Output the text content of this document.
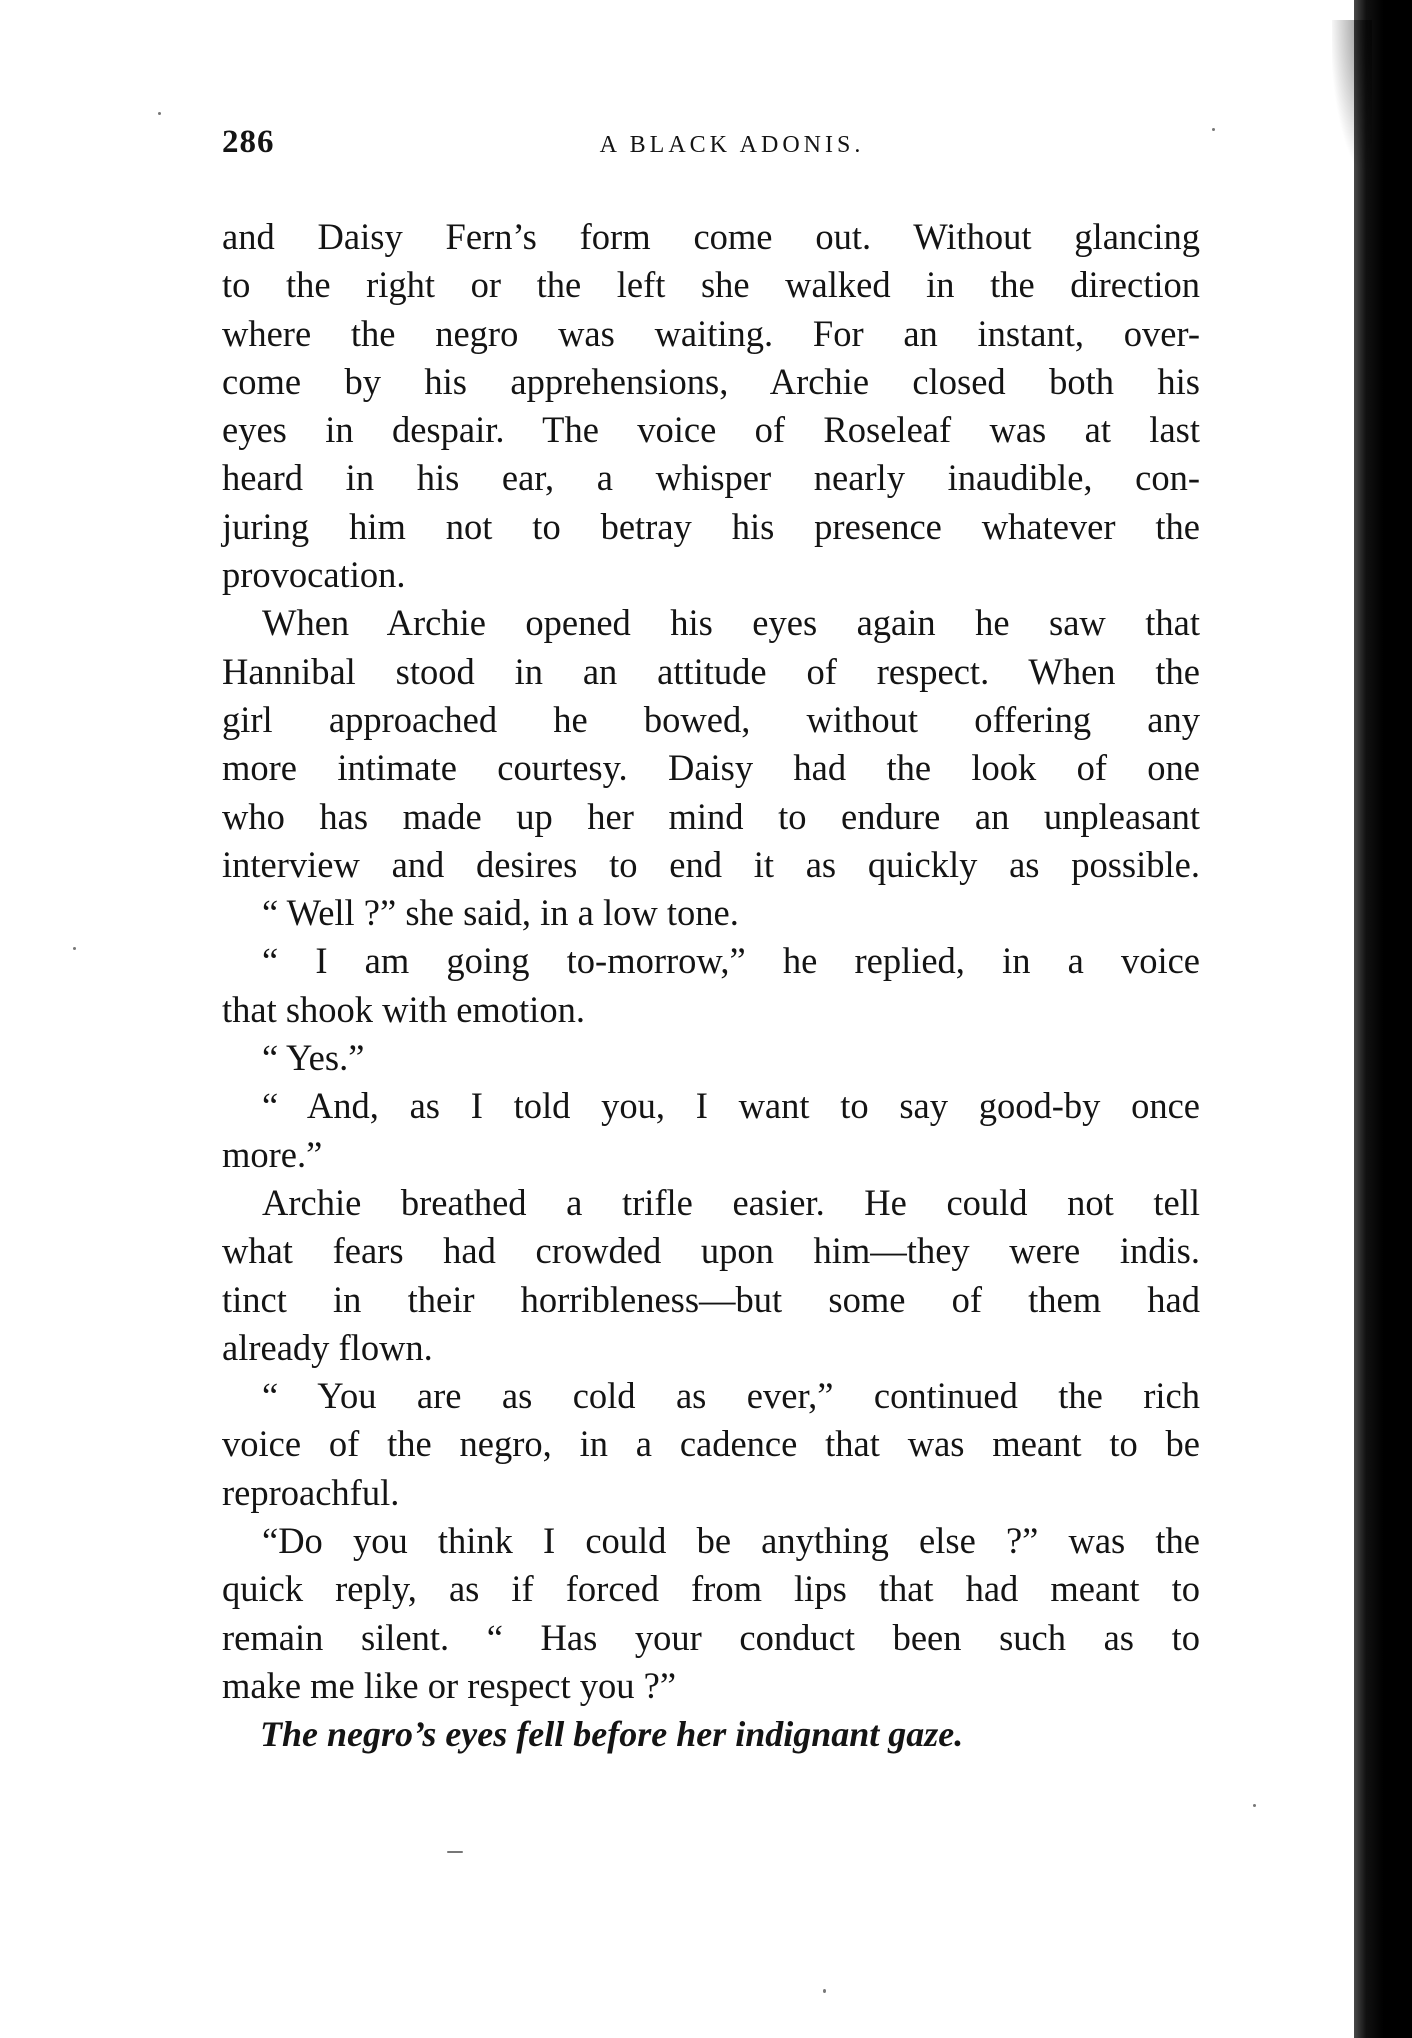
286	A BLACK ADONIS.
and Daisy Fern’s form come out. Without glancing
to the right or the left she walked in the direction
where the negro was waiting. For an instant, over-
come by his apprehensions, Archie closed both his
eyes in despair. The voice of Roseleaf was at last
heard in his ear, a whisper nearly inaudible, con-
juring him not to betray his presence whatever the
provocation.
When Archie opened his eyes again he saw that
Hannibal stood in an attitude of respect. When the
girl approached he bowed, without offering any
more intimate courtesy. Daisy had the look of one
who has made up her mind to endure an unpleasant
interview and desires to end it as quickly as possible.
“ Well ?” she said, in a low tone.
“ I am going to-morrow,” he replied, in a voice
that shook with emotion.
“ Yes.”
“ And, as I told you, I want to say good-by once
more.”
Archie breathed a trifle easier. He could not tell
what fears had crowded upon him—they were indis.
tinct in their horribleness—but some of them had
already flown.
“ You are as cold as ever,” continued the rich
voice of the negro, in a cadence that was meant to be
reproachful.
“Do you think I could be anything else ?” was the
quick reply, as if forced from lips that had meant to
remain silent. “ Has your conduct been such as to
make me like or respect you ?”
The negro’s eyes fell before her indignant gaze.
